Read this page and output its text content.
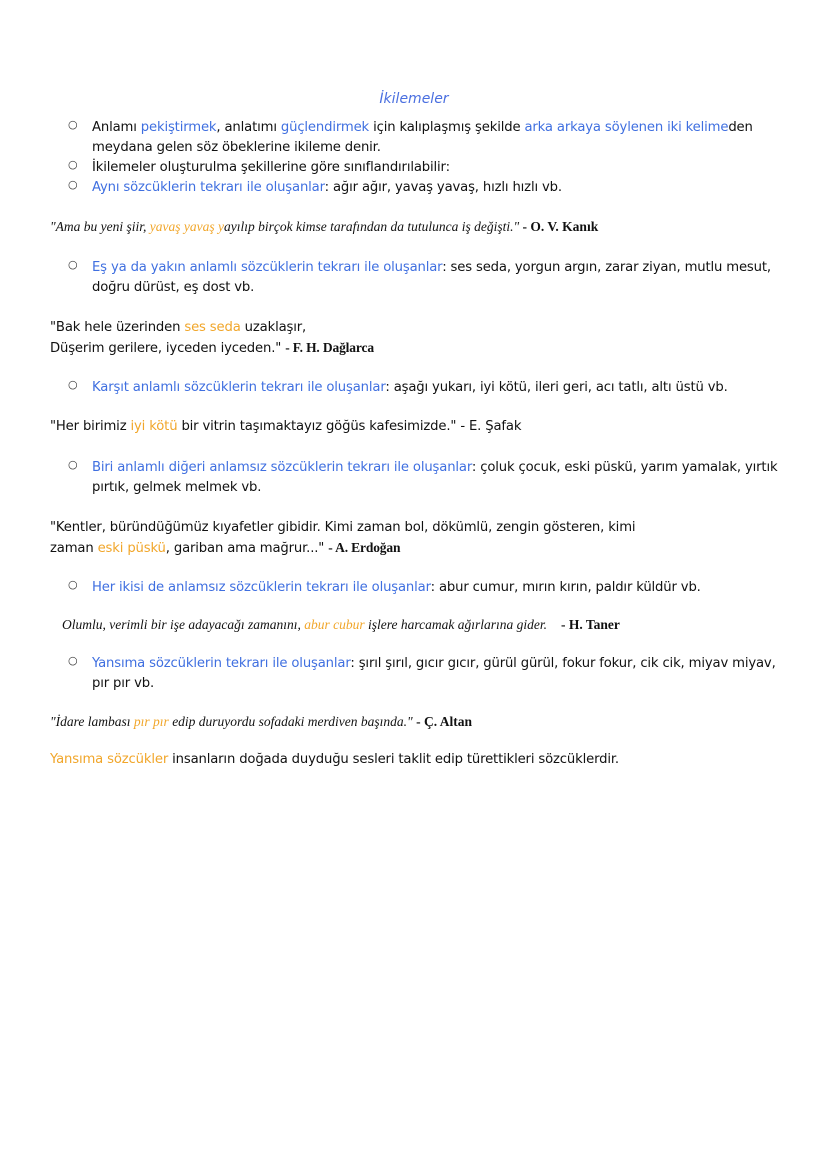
İkilemeler
○ Anlamı pekiştirmek, anlatımı güçlendirmek için kalıplaşmış şekilde arka arkaya söylenen iki kelimeden meydana gelen söz öbeklerine ikileme denir.
○ İkilemeler oluşturulma şekillerine göre sınıflandırılabilir:
○ Aynı sözcüklerin tekrarı ile oluşanlar: ağır ağır, yavaş yavaş, hızlı hızlı vb.
"Ama bu yeni şiir, yavaş yavaş yayılıp birçok kimse tarafından da tutulunca iş değişti." - O. V. Kanık
○ Eş ya da yakın anlamlı sözcüklerin tekrarı ile oluşanlar: ses seda, yorgun argın, zarar ziyan, mutlu mesut, doğru dürüst, eş dost vb.
"Bak hele üzerinden ses seda uzaklaşır,
Düşerim gerilere, iyceden iyceden." - F. H. Dağlarca
○ Karşıt anlamlı sözcüklerin tekrarı ile oluşanlar: aşağı yukarı, iyi kötü, ileri geri, acı tatlı, altı üstü vb.
"Her birimiz iyi kötü bir vitrin taşımaktayız göğüs kafesimizde." - E. Şafak
○ Biri anlamlı diğeri anlamsız sözcüklerin tekrarı ile oluşanlar: çoluk çocuk, eski püskü, yarım yamalak, yırtık pırtık, gelmek melmek vb.
"Kentler, büründüğümüz kıyafetler gibidir. Kimi zaman bol, dökümlü, zengin gösteren, kimi
zaman eski püskü, gariban ama mağrur..." - A. Erdoğan
○ Her ikisi de anlamsız sözcüklerin tekrarı ile oluşanlar: abur cumur, mırın kırın, paldır küldür vb.
Olumlu, verimli bir işe adayacağı zamanını, abur cubur işlere harcamak ağırlarına gider. - H. Taner
○ Yansıma sözcüklerin tekrarı ile oluşanlar: şırıl şırıl, gıcır gıcır, gürül gürül, fokur fokur, cik cik, miyav miyav, pır pır vb.
"İdare lambası pır pır edip duruyordu sofadaki merdiven başında." - Ç. Altan
Yansıma sözcükler insanların doğada duyduğu sesleri taklit edip türettikleri sözcüklerdir.
